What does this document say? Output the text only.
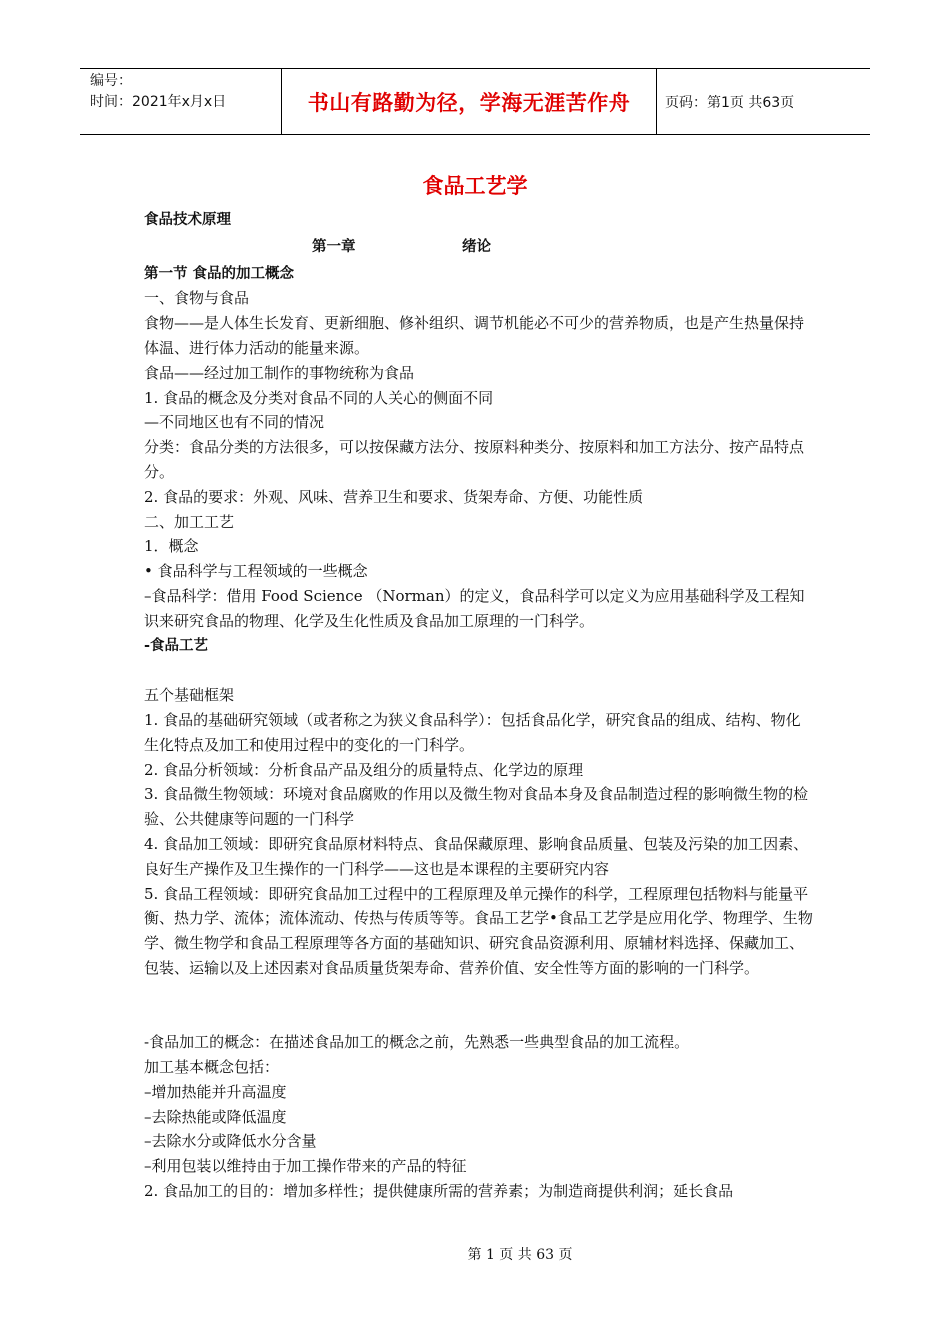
编号：
时间：2021年x月x日	书山有路勤为径，学海无涯苦作舟 页码：第1页 共63页
食品工艺学

食品技术原理

第一章	绪论

第一节 食品的加工概念

一、食物与食品

食物——是人体生长发育、更新细胞、修补组织、调节机能必不可少的营养物质，也是产生热量保持体温、进行体力活动的能量来源。

食品——经过加工制作的事物统称为食品

1. 食品的概念及分类对食品不同的人关心的侧面不同

—不同地区也有不同的情况

分类：食品分类的方法很多，可以按保藏方法分、按原料种类分、按原料和加工方法分、按产品特点分。

2. 食品的要求：外观、风味、营养卫生和要求、货架寿命、方便、功能性质

二、加工工艺

1．概念

• 食品科学与工程领域的一些概念

–食品科学：借用 Food Science （Norman）的定义，食品科学可以定义为应用基础科学及工程知识来研究食品的物理、化学及生化性质及食品加工原理的一门科学。

-食品工艺

五个基础框架

1. 食品的基础研究领域（或者称之为狭义食品科学）：包括食品化学，研究食品的组成、结构、物化生化特点及加工和使用过程中的变化的一门科学。

2. 食品分析领域：分析食品产品及组分的质量特点、化学边的原理

3. 食品微生物领域：环境对食品腐败的作用以及微生物对食品本身及食品制造过程的影响微生物的检验、公共健康等问题的一门科学

4. 食品加工领域：即研究食品原材料特点、食品保藏原理、影响食品质量、包装及污染的加工因素、良好生产操作及卫生操作的一门科学——这也是本课程的主要研究内容

5. 食品工程领域：即研究食品加工过程中的工程原理及单元操作的科学，工程原理包括物料与能量平衡、热力学、流体；流体流动、传热与传质等等。食品工艺学•食品工艺学是应用化学、物理学、生物学、微生物学和食品工程原理等各方面的基础知识、研究食品资源利用、原辅材料选择、保藏加工、包装、运输以及上述因素对食品质量货架寿命、营养价值、安全性等方面的影响的一门科学。

-食品加工的概念：在描述食品加工的概念之前，先熟悉一些典型食品的加工流程。

加工基本概念包括：

–增加热能并升高温度

–去除热能或降低温度

–去除水分或降低水分含量

–利用包装以维持由于加工操作带来的产品的特征

2. 食品加工的目的：增加多样性；提供健康所需的营养素；为制造商提供利润；延长食品

第 1 页 共 63 页
